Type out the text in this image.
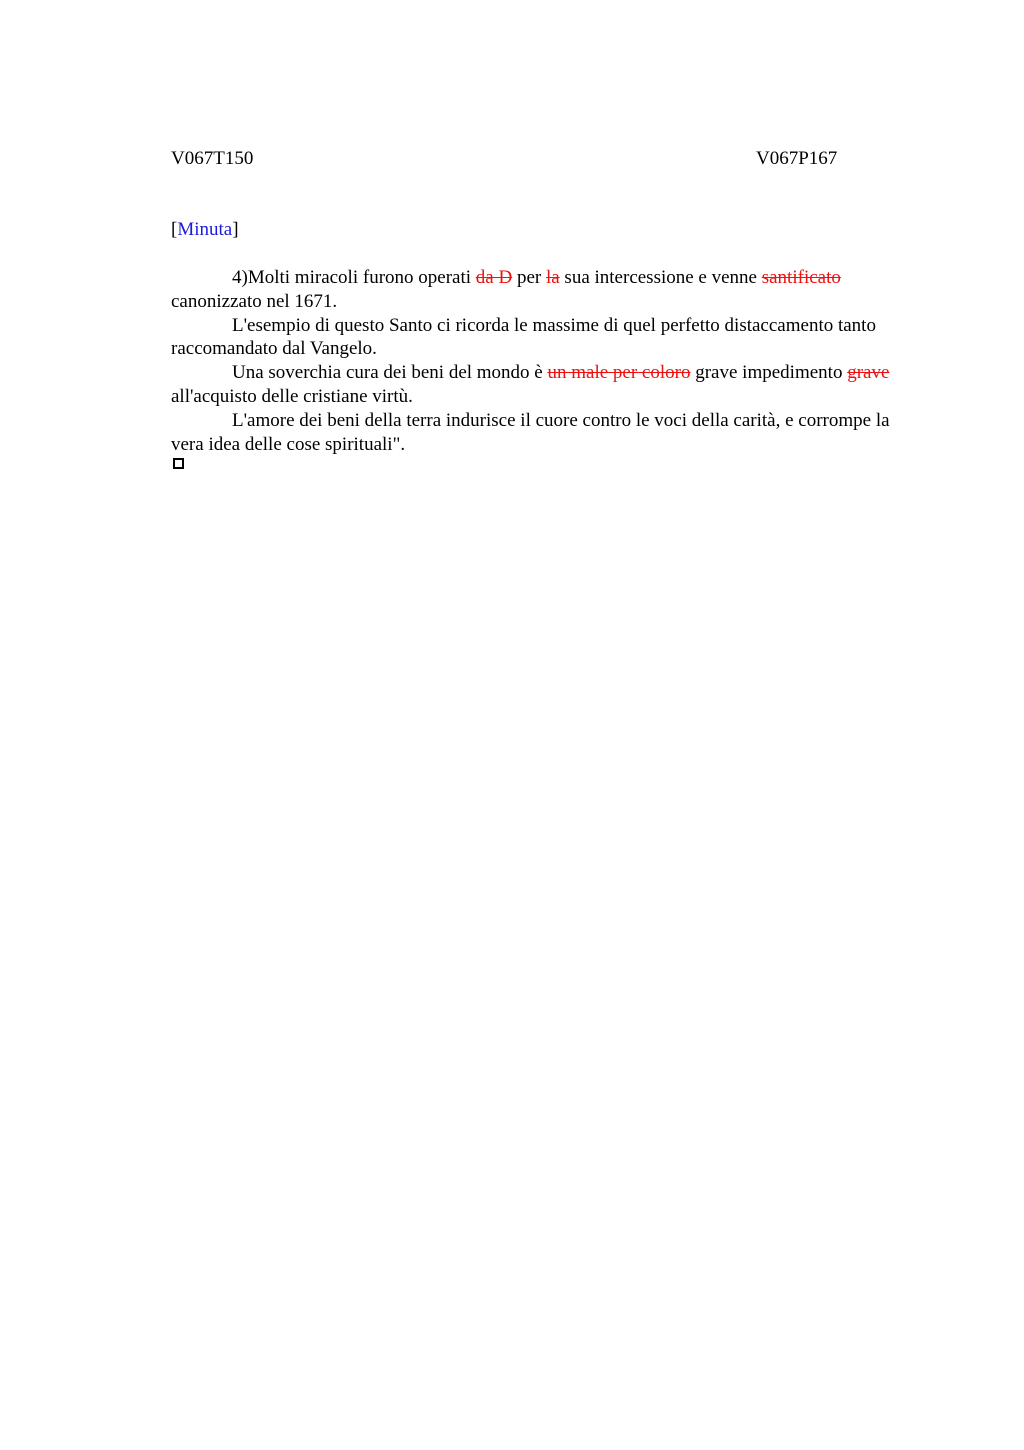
V067T150	V067P167
[Minuta]

4)Molti miracoli furono operati da D per la sua intercessione e venne santificato canonizzato nel 1671.

L'esempio di questo Santo ci ricorda le massime di quel perfetto distaccamento tanto raccomandato dal Vangelo.

Una soverchia cura dei beni del mondo è un male per coloro grave impedimento grave all'acquisto delle cristiane virtù.

L'amore dei beni della terra indurisce il cuore contro le voci della carità, e corrompe la vera idea delle cose spirituali".
